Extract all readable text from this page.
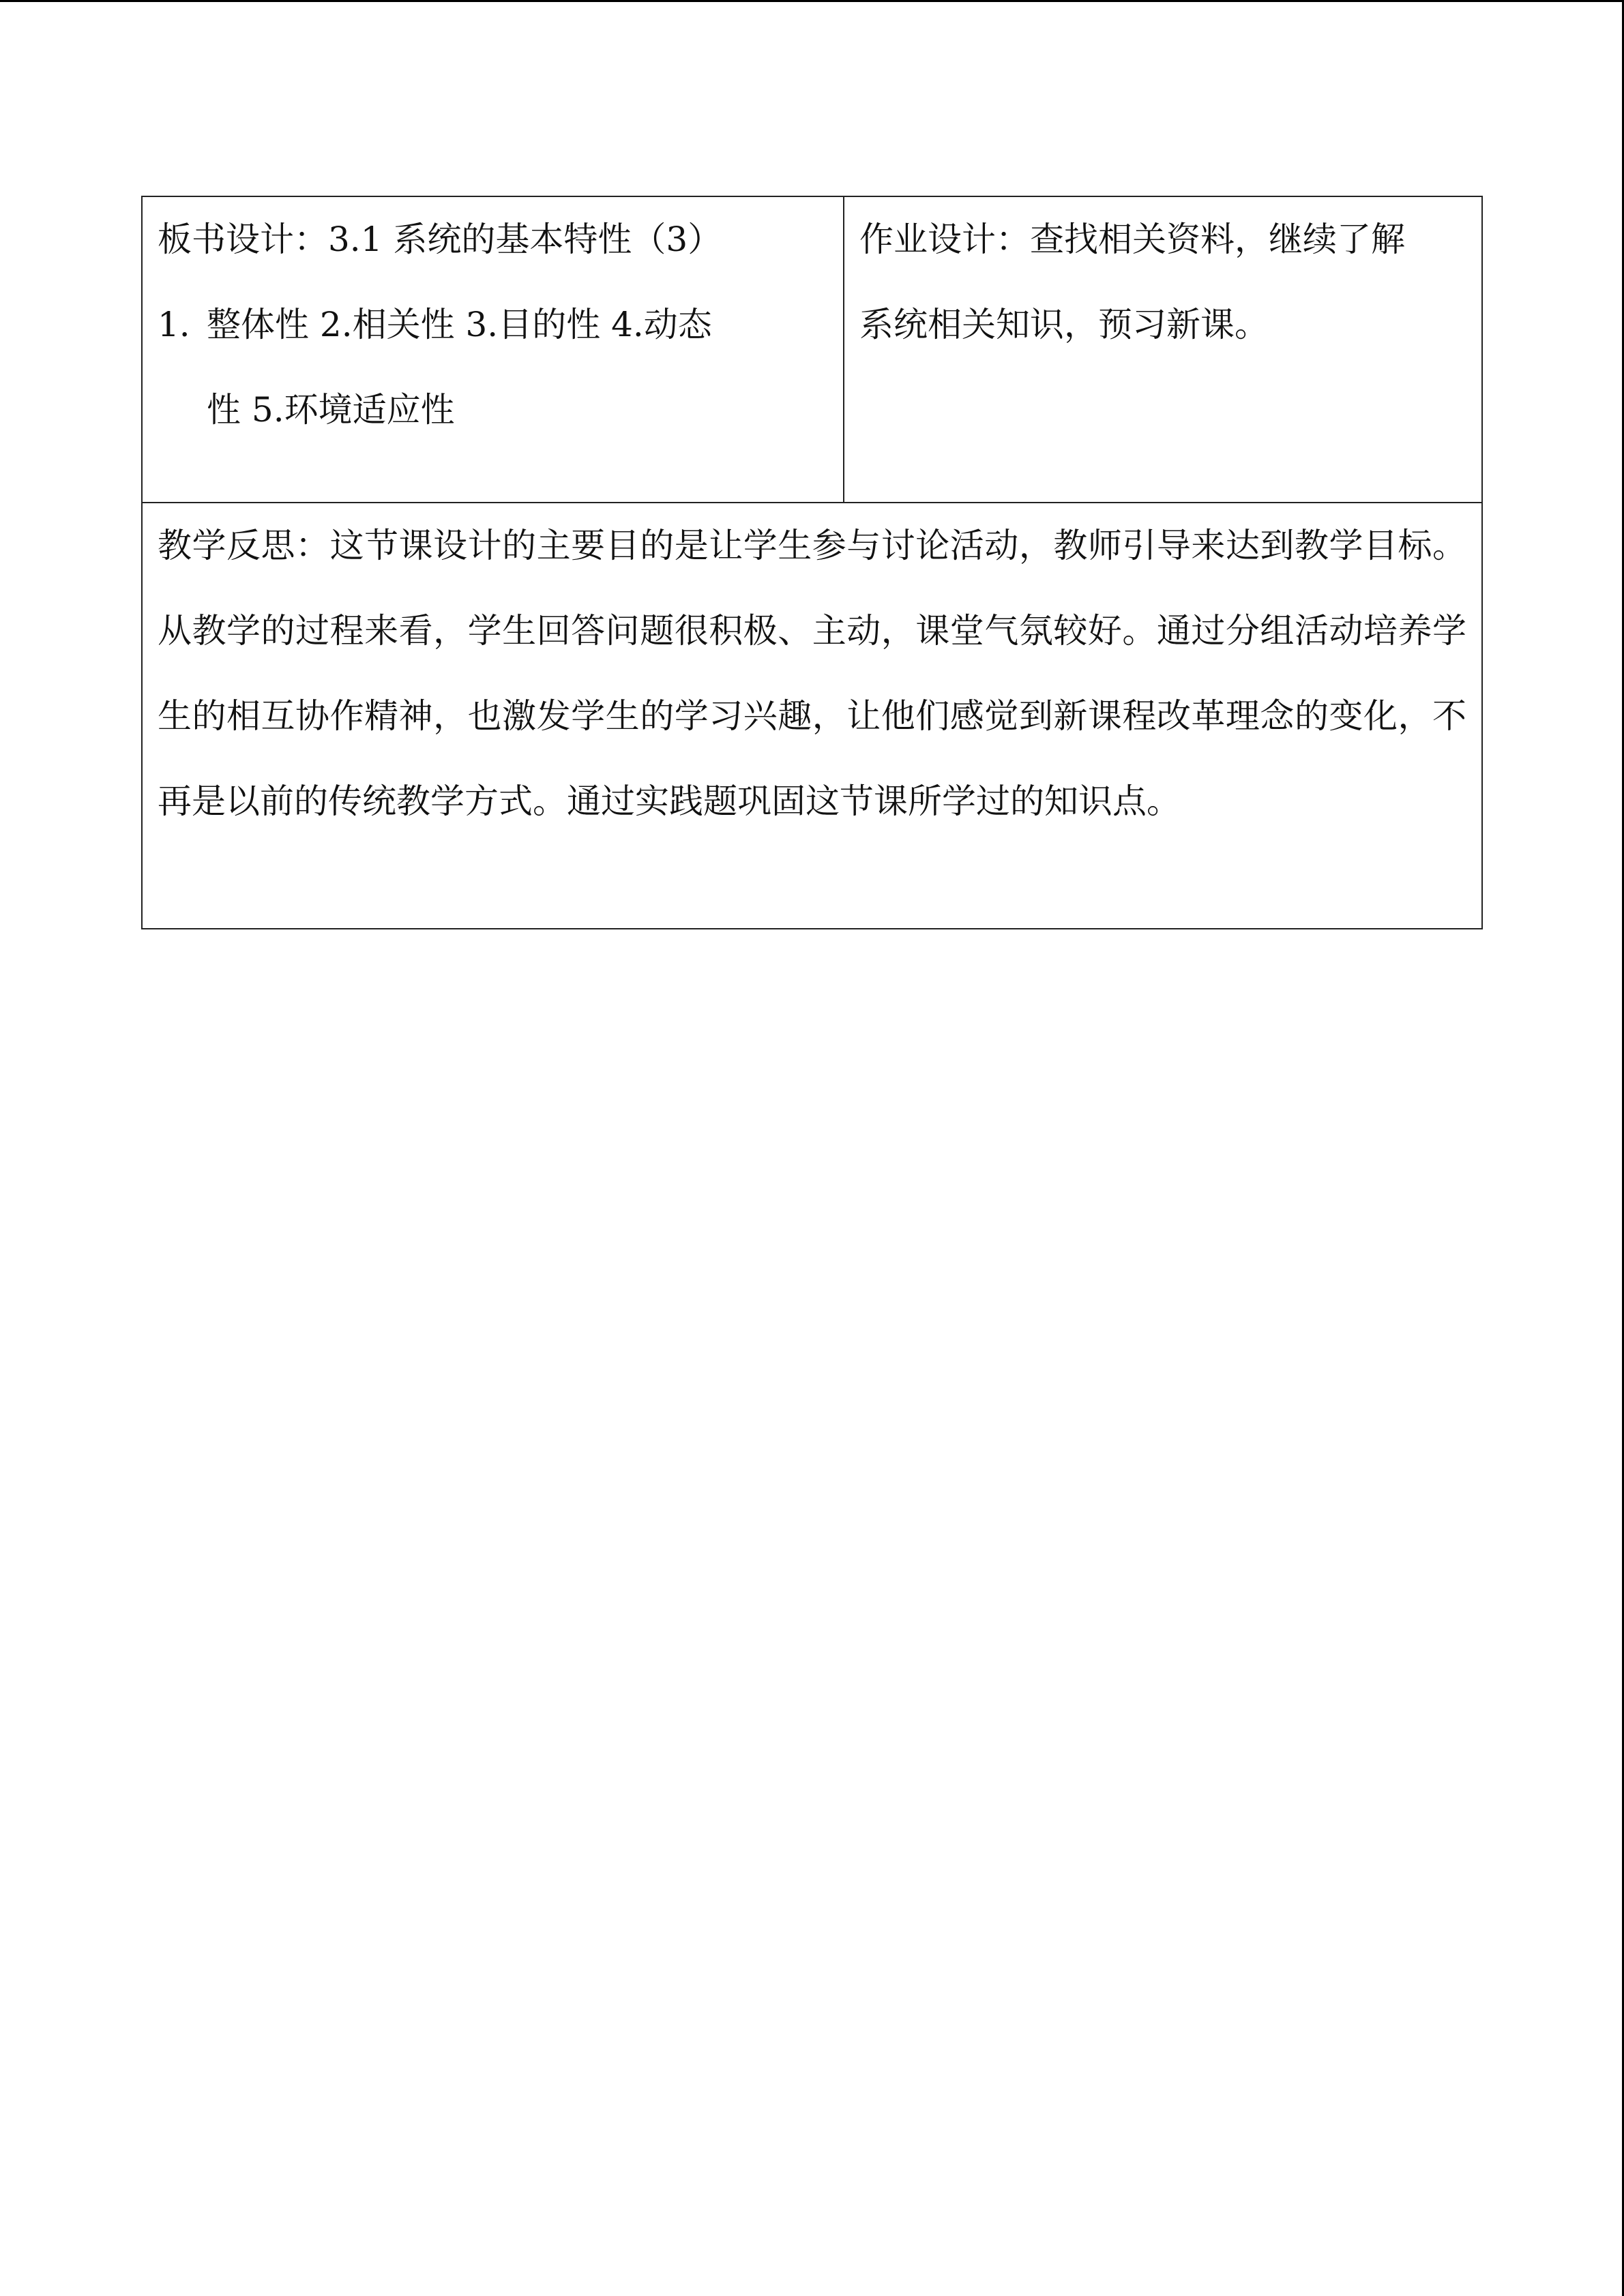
板书设计：3.1 系统的基本特性（3）
1. 整体性 2.相关性 3.目的性 4.动态
性 5.环境适应性

作业设计：查找相关资料，继续了解
系统相关知识，预习新课。

教学反思：这节课设计的主要目的是让学生参与讨论活动，教师引导来达到教学目标。从教学的过程来看，学生回答问题很积极、主动，课堂气氛较好。通过分组活动培养学生的相互协作精神，也激发学生的学习兴趣，让他们感觉到新课程改革理念的变化，不再是以前的传统教学方式。通过实践题巩固这节课所学过的知识点。
